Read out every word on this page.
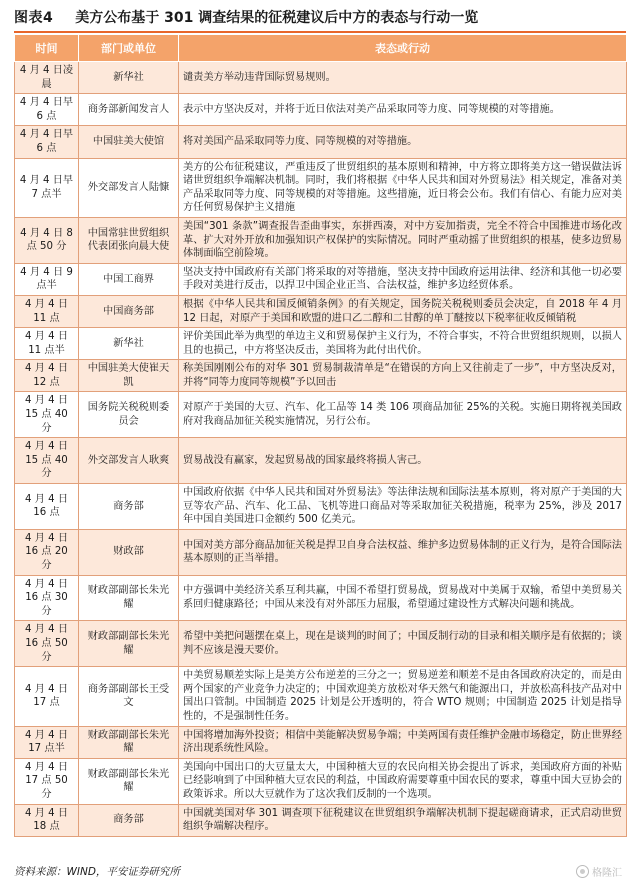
图表4 美方公布基于 301 调查结果的征税建议后中方的表态与行动一览
时间	部门或单位	表态或行动
4 月 4 日凌晨	新华社	谴责美方举动违背国际贸易规则。
4 月 4 日早 6 点	商务部新闻发言人	表示中方坚决反对，并将于近日依法对美产品采取同等力度、同等规模的对等措施。
4 月 4 日早 6 点	中国驻美大使馆	将对美国产品采取同等力度、同等规模的对等措施。
4 月 4 日早 7 点半	外交部发言人陆慷	美方的公布征税建议，严重违反了世贸组织的基本原则和精神，中方将立即将美方这一错误做法诉诸世贸组织争端解决机制。同时，我们将根据《中华人民共和国对外贸易法》相关规定，准备对美产品采取同等力度、同等规模的对等措施。这些措施，近日将会公布。我们有信心、有能力应对美方任何贸易保护主义措施
4 月 4 日 8 点 50 分	中国常驻世贸组织代表团张向晨大使	美国“301 条款”调查报告歪曲事实，东拼西凑，对中方妄加指责，完全不符合中国推进市场化改革、扩大对外开放和加强知识产权保护的实际情况。同时严重动摇了世贸组织的根基，使多边贸易体制面临空前险境。
4 月 4 日 9 点半	中国工商界	坚决支持中国政府有关部门将采取的对等措施，坚决支持中国政府运用法律、经济和其他一切必要手段对美进行反击，以捍卫中国企业正当、合法权益，维护多边经贸体系。
4 月 4 日 11 点	中国商务部	根据《中华人民共和国反倾销条例》的有关规定，国务院关税税则委员会决定，自 2018 年 4 月 12 日起，对原产于美国和欧盟的进口乙二醇和二甘醇的单丁醚按以下税率征收反倾销税
4 月 4 日 11 点半	新华社	评价美国此举为典型的单边主义和贸易保护主义行为，不符合事实，不符合世贸组织规则，以损人且的也损己，中方将坚决反击，美国将为此付出代价。
4 月 4 日 12 点	中国驻美大使崔天凯	称美国刚刚公布的对华 301 贸易制裁清单是“在错误的方向上又往前走了一步”，中方坚决反对，并将“同等力度同等规模”予以回击
4 月 4 日 15 点 40 分	国务院关税税则委员会	对原产于美国的大豆、汽车、化工品等 14 类 106 项商品加征 25%的关税。实施日期将视美国政府对我商品加征关税实施情况，另行公布。
4 月 4 日 15 点 40 分	外交部发言人耿爽	贸易战没有赢家，发起贸易战的国家最终将损人害己。
4 月 4 日 16 点	商务部	中国政府依据《中华人民共和国对外贸易法》等法律法规和国际法基本原则，将对原产于美国的大豆等农产品、汽车、化工品、飞机等进口商品对等采取加征关税措施，税率为 25%，涉及 2017 年中国自美国进口金额约 500 亿美元。
4 月 4 日 16 点 20 分	财政部	中国对美方部分商品加征关税是捍卫自身合法权益、维护多边贸易体制的正义行为，是符合国际法基本原则的正当举措。
4 月 4 日 16 点 30 分	财政部副部长朱光耀	中方强调中美经济关系互利共赢，中国不希望打贸易战，贸易战对中美属于双输，希望中美贸易关系回归健康路径；中国从来没有对外部压力屈服，希望通过建设性方式解决问题和挑战。
4 月 4 日 16 点 50 分	财政部副部长朱光耀	希望中美把问题摆在桌上，现在是谈判的时间了；中国反制行动的目录和相关顺序是有依据的；谈判不应该是漫天要价。
4 月 4 日 17 点	商务部副部长王受文	中美贸易顺差实际上是美方公布逆差的三分之一；贸易逆差和顺差不是由各国政府决定的，而是由两个国家的产业竞争力决定的；中国欢迎美方放松对华天然气和能源出口，并放松高科技产品对中国出口管制。中国制造 2025 计划是公开透明的，符合 WTO 规则；中国制造 2025 计划是指导性的，不是强制性任务。
4 月 4 日 17 点半	财政部副部长朱光耀	中国将增加海外投资；相信中美能解决贸易争端；中美两国有责任维护金融市场稳定，防止世界经济出现系统性风险。
4 月 4 日 17 点 50 分	财政部副部长朱光耀	美国向中国出口的大豆量太大，中国种植大豆的农民向相关协会提出了诉求，美国政府方面的补贴已经影响到了中国种植大豆农民的利益，中国政府需要尊重中国农民的要求，尊重中国大豆协会的政策诉求。所以大豆就作为了这次我们反制的一个选项。
4 月 4 日 18 点	商务部	中国就美国对华 301 调查项下征税建议在世贸组织争端解决机制下提起磋商请求，正式启动世贸组织争端解决程序。
资料来源：WIND，平安证券研究所	格隆汇
